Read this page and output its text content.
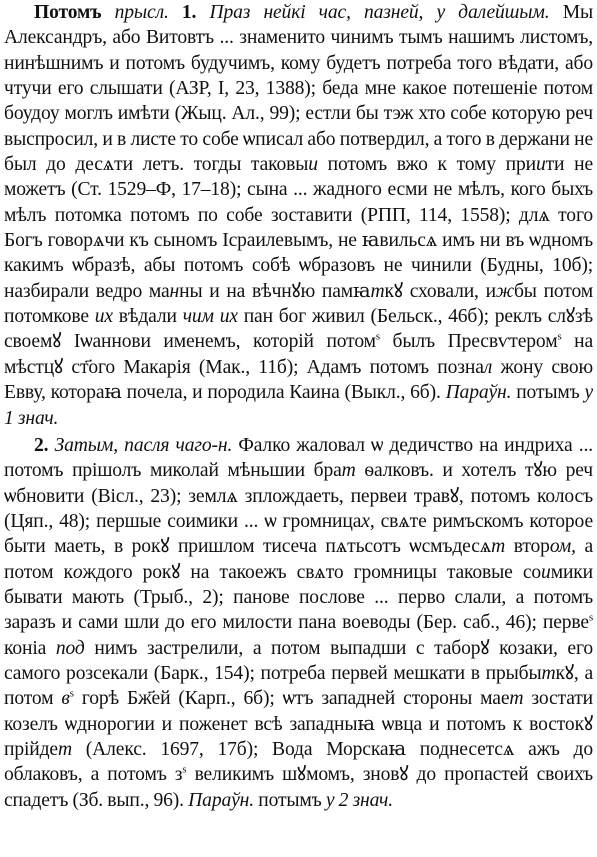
Потомъ прысл. 1. Праз нейкі час, пазней, у далейшым. Мы Александръ, або Витовтъ ... знаменито чинимъ тымъ нашимъ листомъ, нинѣшнимъ и потомъ будучимъ, кому будетъ потреба того вѣдати, або чтучи его слышати (АЗР, I, 23, 1388); беда мне какое потешеніе потом боудоу моглъ имѣти (Жыц. Ал., 99); естли бы тэж хто собе которую реч выспросил, и в листе то собе ѡписал або потвердил, а того в держани не был до десѧти летъ. тогды таковыи потомъ вжо к тому приити не можетъ (Ст. 1529–Ф, 17–18); сына ... жадного есми не мѣлъ, кого быхъ мѣлъ потомка потомъ по собе зоставити (РПП, 114, 1558); длѧ того Богъ говорѧчи къ сыномъ Ісраилевымъ, не ꙗвильсѧ имъ ни въ ѡдномъ какимъ ѡбразѣ, абы потомъ собѣ ѡбразовъ не чинили (Будны, 10б); назбирали ведро манны и на вѣчнꙋю памꙗткꙋ сховали, ижбы потом потомкове их вѣдали чим их пан бог живил (Бельск., 46б); реклъ слꙋзѣ своемꙋ Іѡаннови именемъ, которій потом$^s$ былъ Пресвѵтером$^s$ на мѣстцꙋ ст҃ого Макарія (Мак., 11б); Адамъ потомъ познал жону свою Евву, котораꙗ почела, и породила Каина (Выкл., 6б). Параўн. потымъ у 1 знач.

2. Затым, пасля чаго-н. Фалко жаловал ѡ дедичство на индриха ... потомъ прішолъ миколай мѣньшии брат ѳалковъ. и хотелъ тꙋю реч ѡбновити (Вісл., 23); землѧ зплождаеть, первеи травꙋ, потомъ колосъ (Цяп., 48); першые соимики ... ѡ громницах, свѧте римъскомъ которое быти маеть, в рокꙋ пришлом тисеча пѧтьсотъ ѡсмъдесѧт втором, а потом кождого рокꙋ на такоежъ свѧто громницы таковые соимики бывати мають (Трыб., 2); панове послове ... перво слали, а потомъ заразъ и сами шли до его милости пана воеводы (Бер. саб., 46); перве$^s$ коніа под нимъ застрелили, а потом выпадши с таборꙋ козаки, его самого розсекали (Барк., 154); потреба первей мешкати в прыбыткꙋ, а потом $в^s$ горѣ Бж҃ей (Карп., 6б); ѡтъ западней стороны мает зостати козелъ ѡднорогии и поженет всѣ западныꙗ ѡвца и потомъ к востокꙋ прійдет (Алекс. 1697, 17б); Вода Морскаꙗ поднесетсѧ ажъ до облаковъ, а потомъ $з^s$ великимъ шꙋмомъ, зновꙋ до пропастей своихъ спадетъ (Зб. вып., 96). Параўн. потымъ у 2 знач.
